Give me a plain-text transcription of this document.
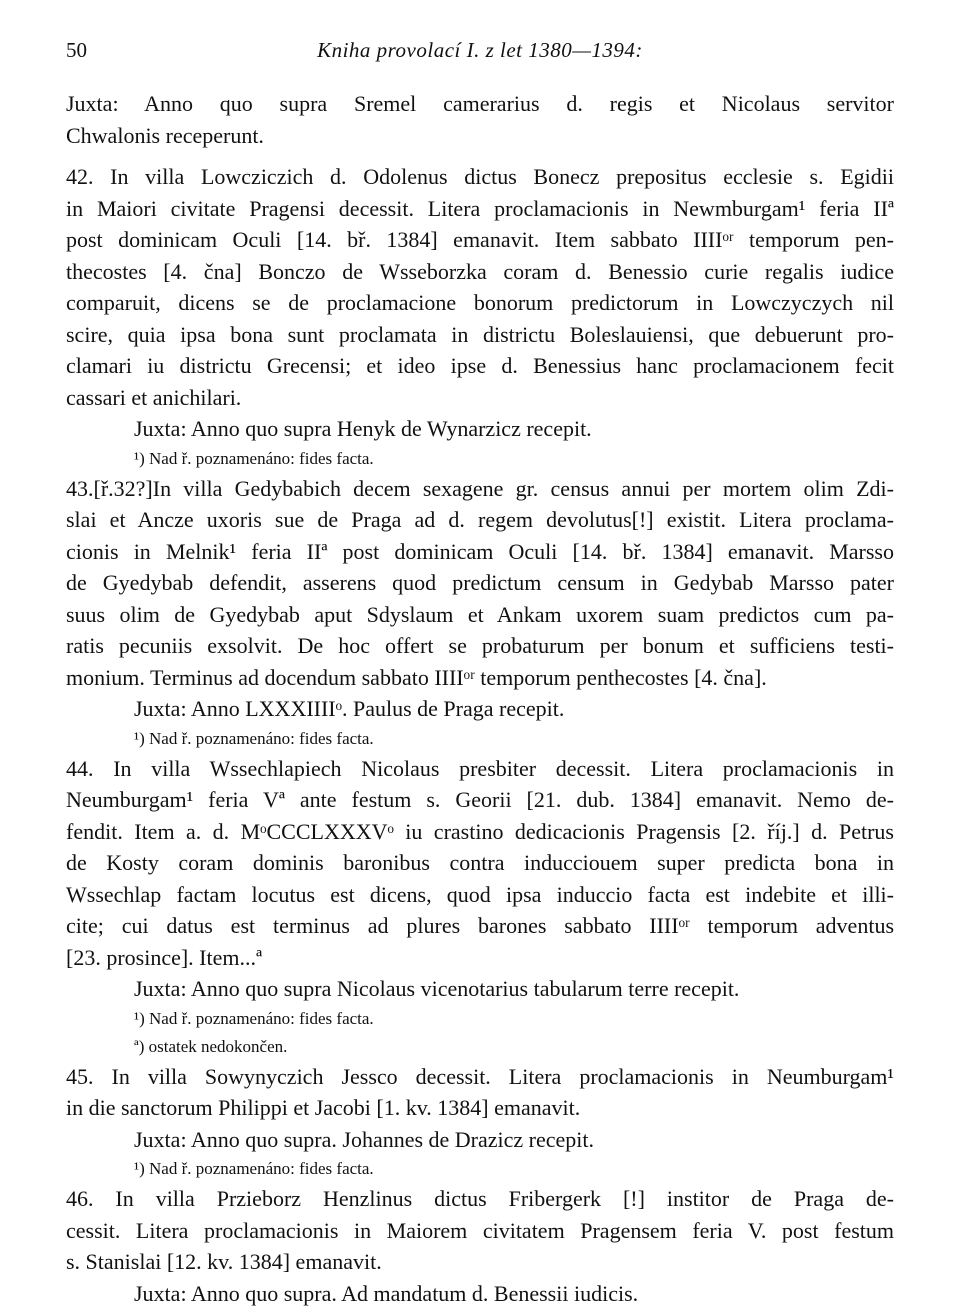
50	Kniha provolací I. z let 1380—1394:
Juxta: Anno quo supra Sremel camerarius d. regis et Nicolaus servitor
Chwalonis receperunt.
42. In villa Lowcziczich d. Odolenus dictus Bonecz prepositus ecclesie s. Egidii
in Maiori civitate Pragensi decessit. Litera proclamacionis in Newmburgam¹ feria IIª
post dominicam Oculi [14. bř. 1384] emanavit. Item sabbato IIIIᵒʳ temporum pen-
thecostes [4. čna] Bonczo de Wsseborzka coram d. Benessio curie regalis iudice
comparuit, dicens se de proclamacione bonorum predictorum in Lowczyczych nil
scire, quia ipsa bona sunt proclamata in districtu Boleslauiensi, que debuerunt pro-
clamari iu districtu Grecensi; et ideo ipse d. Benessius hanc proclamacionem fecit
cassari et anichilari.
Juxta: Anno quo supra Henyk de Wynarzicz recepit.
¹) Nad ř. poznamenáno: fides facta.
43.[ř.32?]In villa Gedybabich decem sexagene gr. census annui per mortem olim Zdi-
slai et Ancze uxoris sue de Praga ad d. regem devolutus[!] existit. Litera proclama-
cionis in Melnik¹ feria IIª post dominicam Oculi [14. bř. 1384] emanavit. Marsso
de Gyedybab defendit, asserens quod predictum censum in Gedybab Marsso pater
suus olim de Gyedybab aput Sdyslaum et Ankam uxorem suam predictos cum pa-
ratis pecuniis exsolvit. De hoc offert se probaturum per bonum et sufficiens testi-
monium. Terminus ad docendum sabbato IIIIᵒʳ temporum penthecostes [4. čna].
Juxta: Anno LXXXIIIIᵒ. Paulus de Praga recepit.
¹) Nad ř. poznamenáno: fides facta.
44. In villa Wssechlapiech Nicolaus presbiter decessit. Litera proclamacionis in
Neumburgam¹ feria Vª ante festum s. Georii [21. dub. 1384] emanavit. Nemo de-
fendit. Item a. d. MᵒCCCLXXXVᵒ iu crastino dedicacionis Pragensis [2. říj.] d. Petrus
de Kosty coram dominis baronibus contra inducciouem super predicta bona in
Wssechlap factam locutus est dicens, quod ipsa induccio facta est indebite et illi-
cite; cui datus est terminus ad plures barones sabbato IIIIᵒʳ temporum adventus
[23. prosince]. Item...ª
Juxta: Anno quo supra Nicolaus vicenotarius tabularum terre recepit.
¹) Nad ř. poznamenáno: fides facta.
ª) ostatek nedokončen.
45. In villa Sowynyczich Jessco decessit. Litera proclamacionis in Neumburgam¹
in die sanctorum Philippi et Jacobi [1. kv. 1384] emanavit.
Juxta: Anno quo supra. Johannes de Drazicz recepit.
¹) Nad ř. poznamenáno: fides facta.
46. In villa Przieborz Henzlinus dictus Fribergerk [!] institor de Praga de-
cessit. Litera proclamacionis in Maiorem civitatem Pragensem feria V. post festum
s. Stanislai [12. kv. 1384] emanavit.
Juxta: Anno quo supra. Ad mandatum d. Benessii iudicis.
